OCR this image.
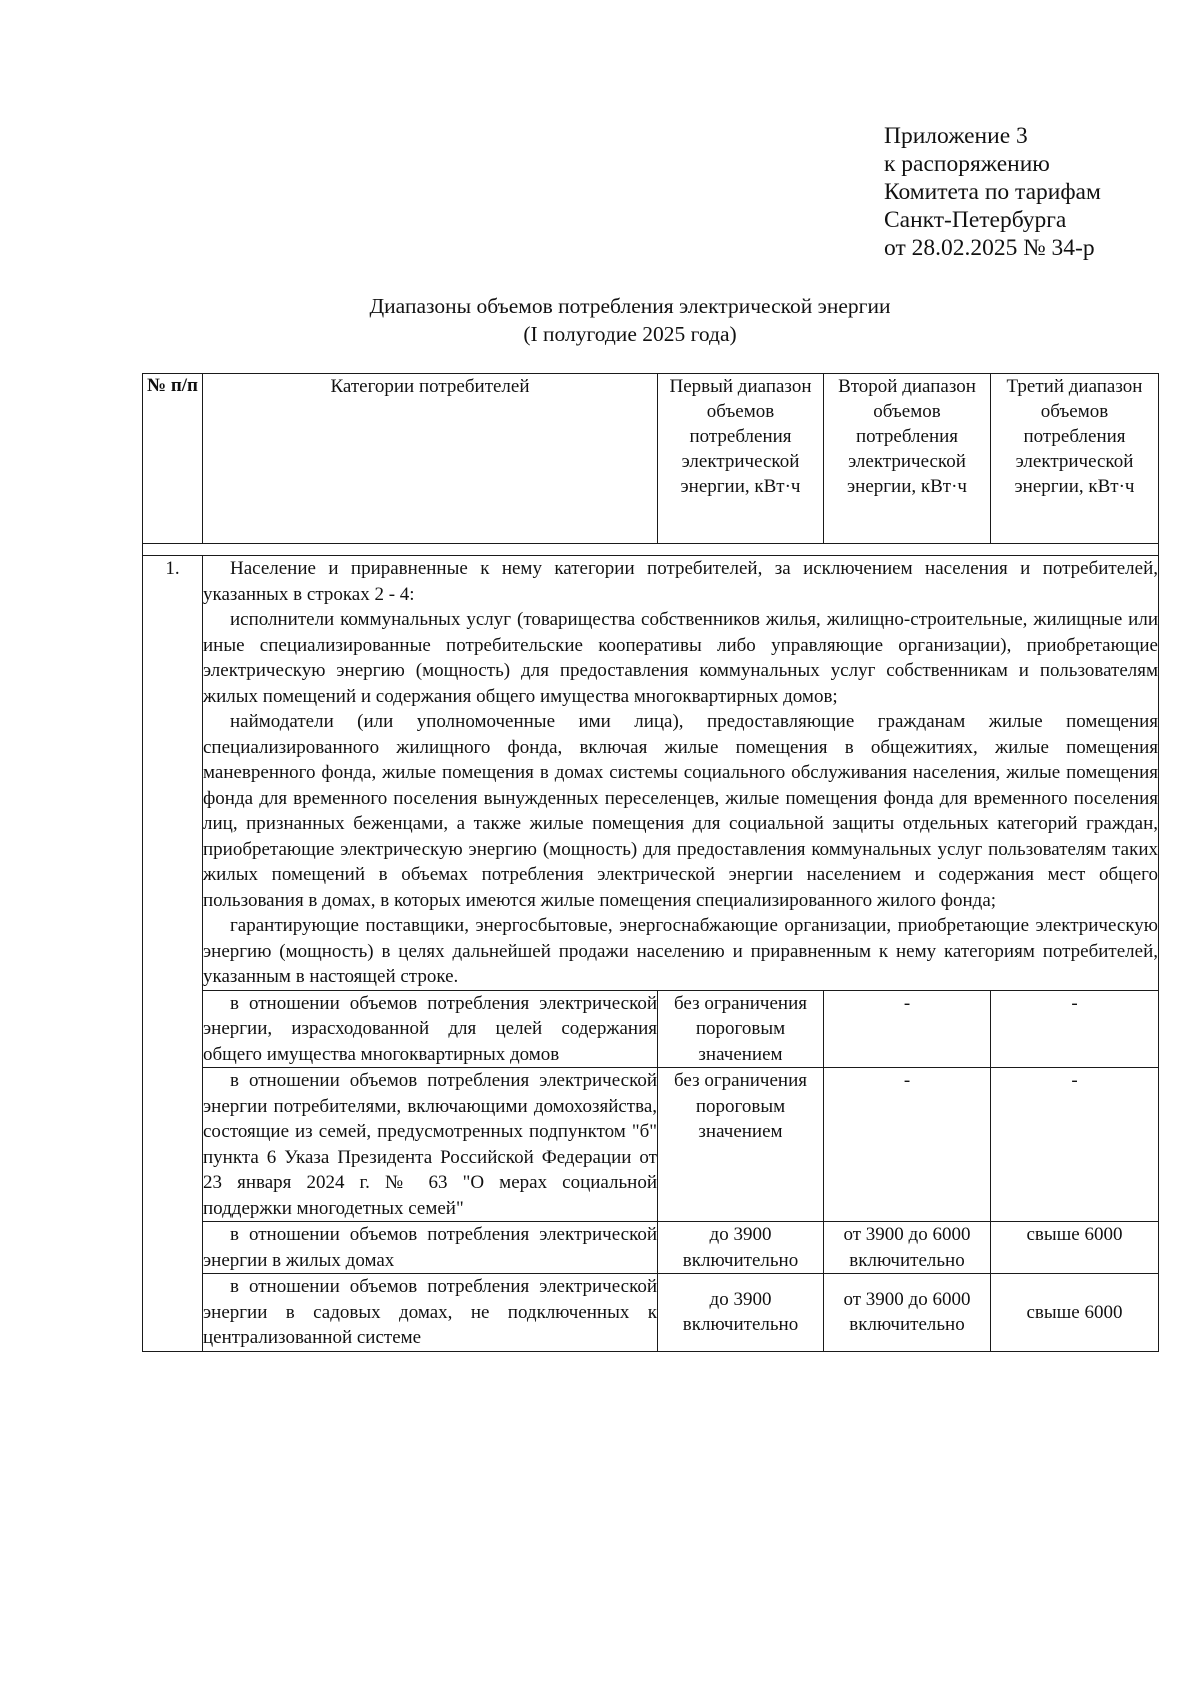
Приложение 3
к распоряжению
Комитета по тарифам
Санкт-Петербурга
от 28.02.2025 № 34-р
Диапазоны объемов потребления электрической энергии
(I полугодие 2025 года)
№ п/п	Категории потребителей	Первый диапазон объемов потребления электрической энергии, кВт·ч	Второй диапазон объемов потребления электрической энергии, кВт·ч	Третий диапазон объемов потребления электрической энергии, кВт·ч

1.	Население и приравненные к нему категории потребителей, за исключением населения и потребителей, указанных в строках 2 - 4:

исполнители коммунальных услуг (товарищества собственников жилья, жилищно-строительные, жилищные или иные специализированные потребительские кооперативы либо управляющие организации), приобретающие электрическую энергию (мощность) для предоставления коммунальных услуг собственникам и пользователям жилых помещений и содержания общего имущества многоквартирных домов;

наймодатели (или уполномоченные ими лица), предоставляющие гражданам жилые помещения специализированного жилищного фонда, включая жилые помещения в общежитиях, жилые помещения маневренного фонда, жилые помещения в домах системы социального обслуживания населения, жилые помещения фонда для временного поселения вынужденных переселенцев, жилые помещения фонда для временного поселения лиц, признанных беженцами, а также жилые помещения для социальной защиты отдельных категорий граждан, приобретающие электрическую энергию (мощность) для предоставления коммунальных услуг пользователям таких жилых помещений в объемах потребления электрической энергии населением и содержания мест общего пользования в домах, в которых имеются жилые помещения специализированного жилого фонда;

гарантирующие поставщики, энергосбытовые, энергоснабжающие организации, приобретающие электрическую энергию (мощность) в целях дальнейшей продажи населению и приравненным к нему категориям потребителей, указанным в настоящей строке.			

	в отношении объемов потребления электрической энергии, израсходованной для целей содержания общего имущества многоквартирных домов	без ограничения пороговым значением	-	-
	в отношении объемов потребления электрической энергии потребителями, включающими домохозяйства, состоящие из семей, предусмотренных подпунктом "б" пункта 6 Указа Президента Российской Федерации от 23 января 2024 г. № 63 "О мерах социальной поддержки многодетных семей"	без ограничения пороговым значением	-	-
	в отношении объемов потребления электрической энергии в жилых домах	до 3900 включительно	от 3900 до 6000 включительно	свыше 6000
	в отношении объемов потребления электрической энергии в садовых домах, не подключенных к централизованной системе	до 3900 включительно	от 3900 до 6000 включительно	свыше 6000
